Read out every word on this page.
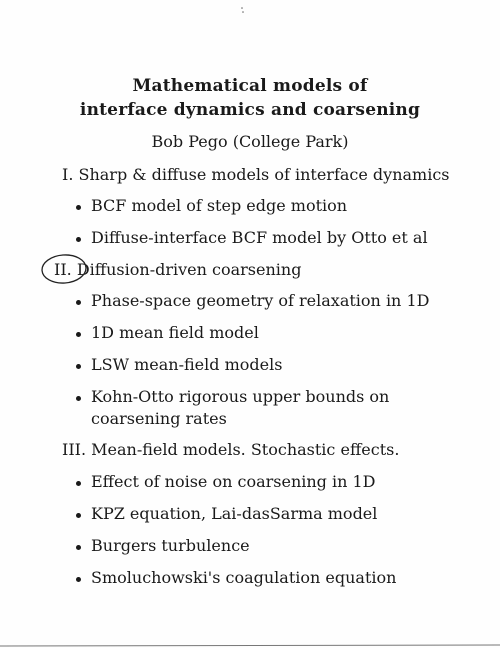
Mathematical models of
interface dynamics and coarsening
Bob Pego (College Park)
I. Sharp & diffuse models of interface dynamics
BCF model of step edge motion
Diffuse-interface BCF model by Otto et al
II. Diffusion-driven coarsening
Phase-space geometry of relaxation in 1D
1D mean field model
LSW mean-field models
Kohn-Otto rigorous upper bounds on
coarsening rates
III. Mean-field models. Stochastic effects.
Effect of noise on coarsening in 1D
KPZ equation, Lai-dasSarma model
Burgers turbulence
Smoluchowski's coagulation equation
